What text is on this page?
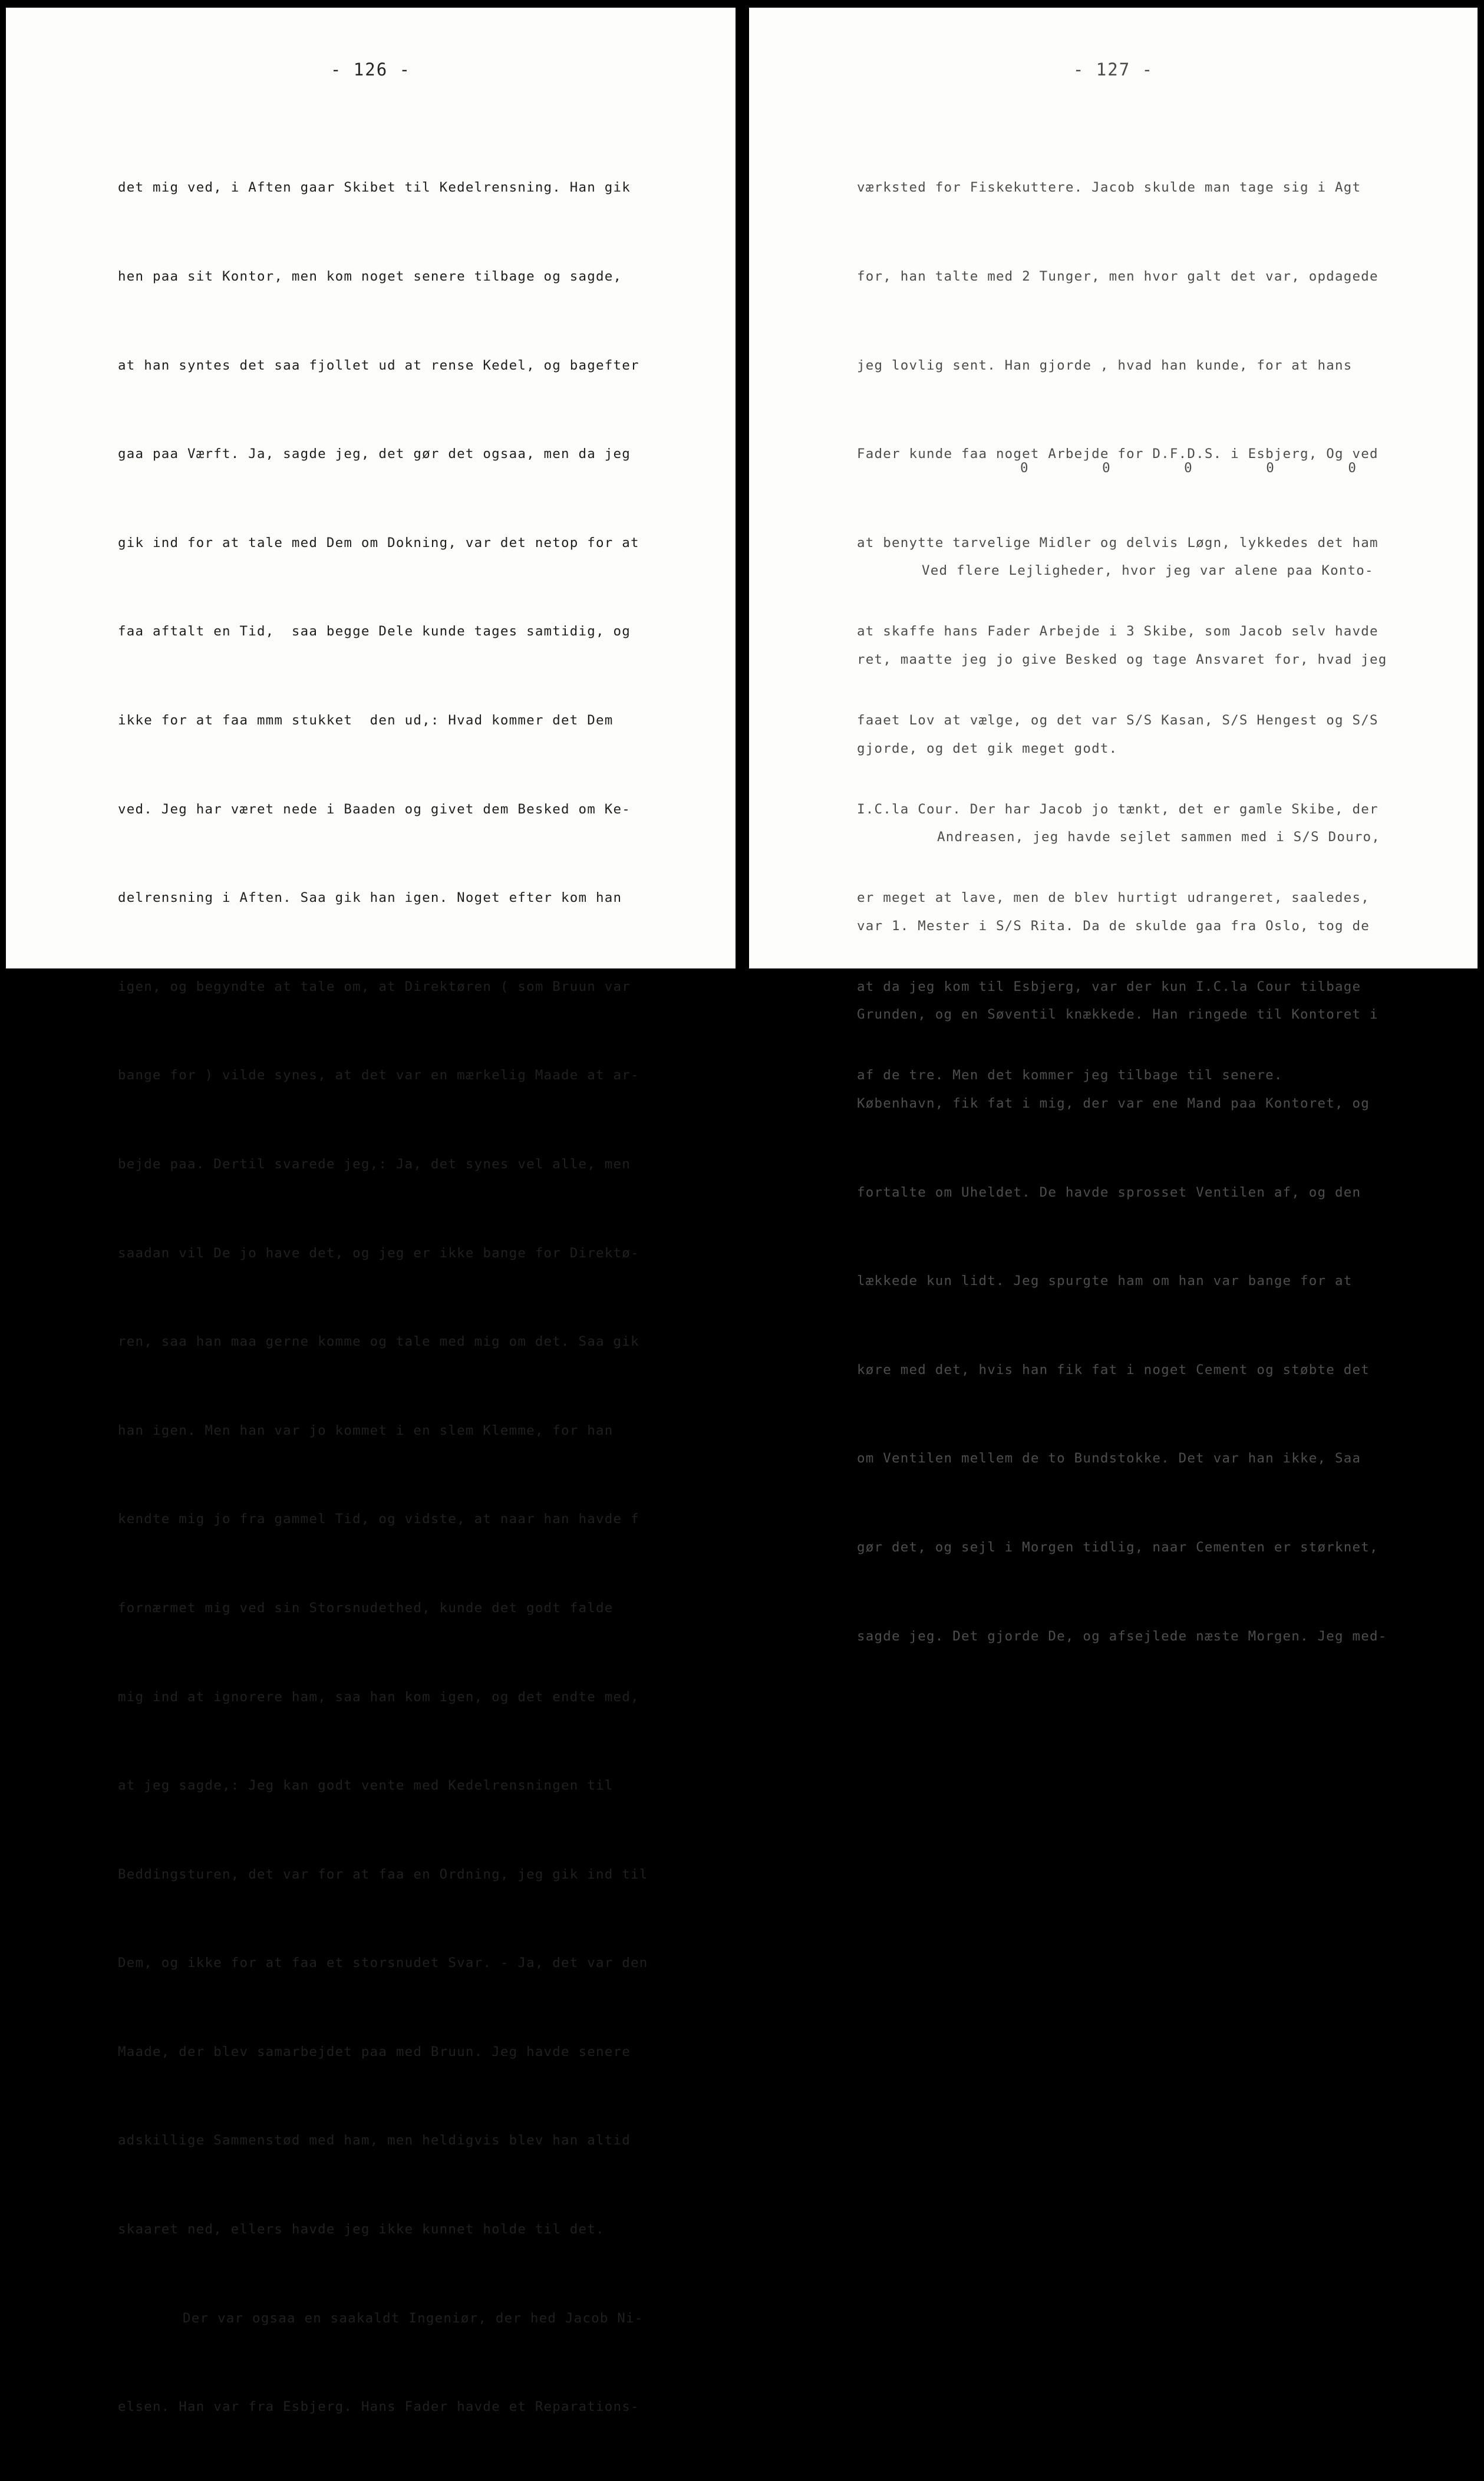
- 126 -

det mig ved, i Aften gaar Skibet til Kedelrensning. Han gik

hen paa sit Kontor, men kom noget senere tilbage og sagde,

at han syntes det saa fjollet ud at rense Kedel, og bagefter

gaa paa Værft. Ja, sagde jeg, det gør det ogsaa, men da jeg

gik ind for at tale med Dem om Dokning, var det netop for at

faa aftalt en Tid,  saa begge Dele kunde tages samtidig, og

ikke for at faa mmm stukket  den ud,: Hvad kommer det Dem

ved. Jeg har været nede i Baaden og givet dem Besked om Ke-

delrensning i Aften. Saa gik han igen. Noget efter kom han

igen, og begyndte at tale om, at Direktøren ( som Bruun var

bange for ) vilde synes, at det var en mærkelig Maade at ar-

bejde paa. Dertil svarede jeg,: Ja, det synes vel alle, men

saadan vil De jo have det, og jeg er ikke bange for Direktø-

ren, saa han maa gerne komme og tale med mig om det. Saa gik

han igen. Men han var jo kommet i en slem Klemme, for han

kendte mig jo fra gammel Tid, og vidste, at naar han havde f

fornærmet mig ved sin Storsnudethed, kunde det godt falde

mig ind at ignorere ham, saa han kom igen, og det endte med,

at jeg sagde,: Jeg kan godt vente med Kedelrensningen til

Beddingsturen, det var for at faa en Ordning, jeg gik ind til

Dem, og ikke for at faa et storsnudet Svar. - Ja, det var den

Maade, der blev samarbejdet paa med Bruun. Jeg havde senere

adskillige Sammenstød med ham, men heldigvis blev han altid

skaaret ned, ellers havde jeg ikke kunnet holde til det.

Der var ogsaa en saakaldt Ingeniør, der hed Jacob Ni-

elsen. Han var fra Esbjerg. Hans Fader havde et Reparations-

- 127 -

værksted for Fiskekuttere. Jacob skulde man tage sig i Agt

for, han talte med 2 Tunger, men hvor galt det var, opdagede

jeg lovlig sent. Han gjorde , hvad han kunde, for at hans

Fader kunde faa noget Arbejde for D.F.D.S. i Esbjerg, Og ved

at benytte tarvelige Midler og delvis Løgn, lykkedes det ham

at skaffe hans Fader Arbejde i 3 Skibe, som Jacob selv havde

faaet Lov at vælge, og det var S/S Kasan, S/S Hengest og S/S

I.C.la Cour. Der har Jacob jo tænkt, det er gamle Skibe, der

er meget at lave, men de blev hurtigt udrangeret, saaledes,

at da jeg kom til Esbjerg, var der kun I.C.la Cour tilbage

af de tre. Men det kommer jeg tilbage til senere.

0 0 0 0 0

Ved flere Lejligheder, hvor jeg var alene paa Konto-

ret, maatte jeg jo give Besked og tage Ansvaret for, hvad jeg

gjorde, og det gik meget godt.

Andreasen, jeg havde sejlet sammen med i S/S Douro,

var 1. Mester i S/S Rita. Da de skulde gaa fra Oslo, tog de

Grunden, og en Søventil knækkede. Han ringede til Kontoret i

København, fik fat i mig, der var ene Mand paa Kontoret, og

fortalte om Uheldet. De havde sprosset Ventilen af, og den

lækkede kun lidt. Jeg spurgte ham om han var bange for at

køre med det, hvis han fik fat i noget Cement og støbte det

om Ventilen mellem de to Bundstokke. Det var han ikke, Saa

gør det, og sejl i Morgen tidlig, naar Cementen er størknet,

sagde jeg. Det gjorde De, og afsejlede næste Morgen. Jeg med-
